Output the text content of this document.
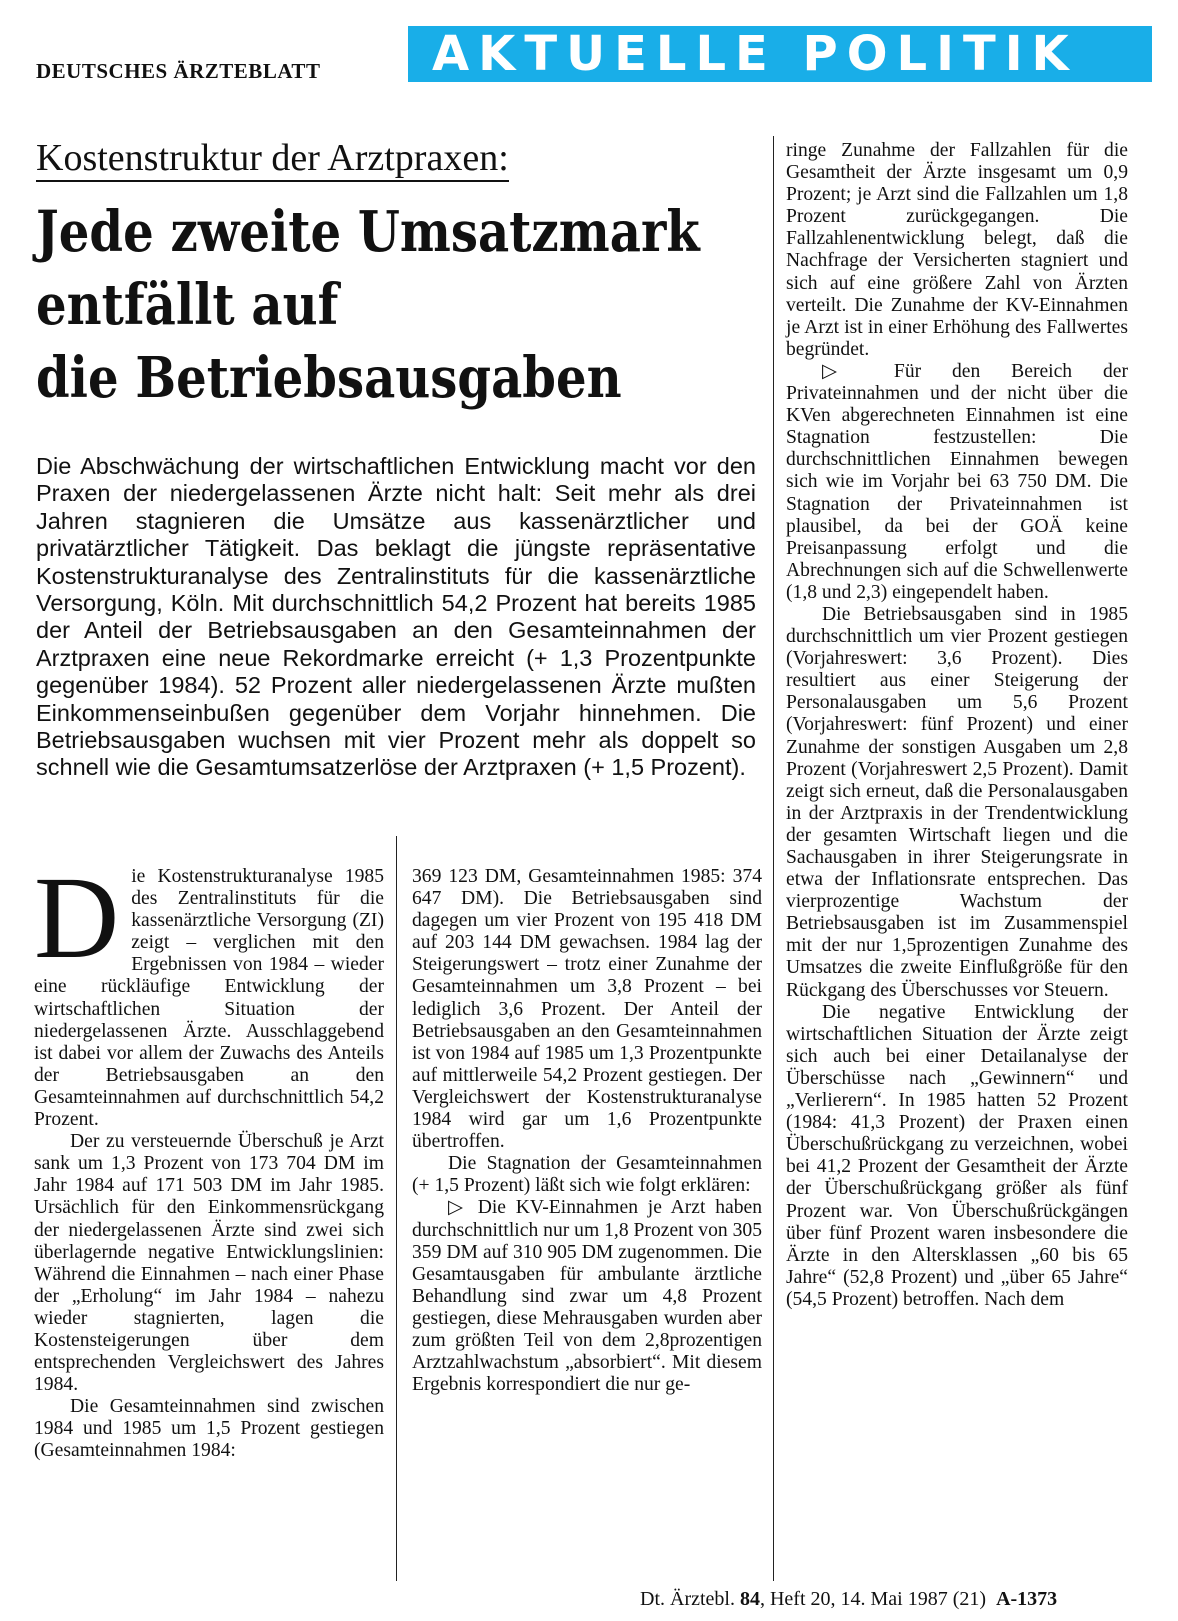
DEUTSCHES ÄRZTEBLATT AKTUELLE POLITIK
Kostenstruktur der Arztpraxen:
Jede zweite Umsatzmark
entfällt auf
die Betriebsausgaben
Die Abschwächung der wirtschaftlichen Entwicklung macht vor den Praxen der niedergelassenen Ärzte nicht halt: Seit mehr als drei Jahren stagnieren die Umsätze aus kassenärztlicher und privatärztlicher Tätigkeit. Das beklagt die jüngste repräsentative Kostenstrukturanalyse des Zentralinstituts für die kassenärztliche Versorgung, Köln. Mit durchschnittlich 54,2 Prozent hat bereits 1985 der Anteil der Betriebsausgaben an den Gesamteinnahmen der Arztpraxen eine neue Rekordmarke erreicht (+ 1,3 Prozentpunkte gegenüber 1984). 52 Prozent aller niedergelassenen Ärzte mußten Einkommenseinbußen gegenüber dem Vorjahr hinnehmen. Die Betriebsausgaben wuchsen mit vier Prozent mehr als doppelt so schnell wie die Gesamtumsatzerlöse der Arztpraxen (+ 1,5 Prozent).

Die Kostenstrukturanalyse 1985 des Zentralinstituts für die kassenärztliche Versorgung (ZI) zeigt – verglichen mit den Ergebnissen von 1984 – wieder eine rückläufige Entwicklung der wirtschaftlichen Situation der niedergelassenen Ärzte. Ausschlaggebend ist dabei vor allem der Zuwachs des Anteils der Betriebsausgaben an den Gesamteinnahmen auf durchschnittlich 54,2 Prozent.

Der zu versteuernde Überschuß je Arzt sank um 1,3 Prozent von 173 704 DM im Jahr 1984 auf 171 503 DM im Jahr 1985. Ursächlich für den Einkommensrückgang der niedergelassenen Ärzte sind zwei sich überlagernde negative Entwicklungslinien: Während die Einnahmen – nach einer Phase der „Erholung“ im Jahr 1984 – nahezu wieder stagnierten, lagen die Kostensteigerungen über dem entsprechenden Vergleichswert des Jahres 1984.

Die Gesamteinnahmen sind zwischen 1984 und 1985 um 1,5 Prozent gestiegen (Gesamteinnahmen 1984:

369 123 DM, Gesamteinnahmen 1985: 374 647 DM). Die Betriebsausgaben sind dagegen um vier Prozent von 195 418 DM auf 203 144 DM gewachsen. 1984 lag der Steigerungswert – trotz einer Zunahme der Gesamteinnahmen um 3,8 Prozent – bei lediglich 3,6 Prozent. Der Anteil der Betriebsausgaben an den Gesamteinnahmen ist von 1984 auf 1985 um 1,3 Prozentpunkte auf mittlerweile 54,2 Prozent gestiegen. Der Vergleichswert der Kostenstrukturanalyse 1984 wird gar um 1,6 Prozentpunkte übertroffen.

Die Stagnation der Gesamteinnahmen (+ 1,5 Prozent) läßt sich wie folgt erklären:

▷ Die KV-Einnahmen je Arzt haben durchschnittlich nur um 1,8 Prozent von 305 359 DM auf 310 905 DM zugenommen. Die Gesamtausgaben für ambulante ärztliche Behandlung sind zwar um 4,8 Prozent gestiegen, diese Mehrausgaben wurden aber zum größten Teil von dem 2,8prozentigen Arztzahlwachstum „absorbiert“. Mit diesem Ergebnis korrespondiert die nur ge-

ringe Zunahme der Fallzahlen für die Gesamtheit der Ärzte insgesamt um 0,9 Prozent; je Arzt sind die Fallzahlen um 1,8 Prozent zurückgegangen. Die Fallzahlenentwicklung belegt, daß die Nachfrage der Versicherten stagniert und sich auf eine größere Zahl von Ärzten verteilt. Die Zunahme der KV-Einnahmen je Arzt ist in einer Erhöhung des Fallwertes begründet.

▷ Für den Bereich der Privateinnahmen und der nicht über die KVen abgerechneten Einnahmen ist eine Stagnation festzustellen: Die durchschnittlichen Einnahmen bewegen sich wie im Vorjahr bei 63 750 DM. Die Stagnation der Privateinnahmen ist plausibel, da bei der GOÄ keine Preisanpassung erfolgt und die Abrechnungen sich auf die Schwellenwerte (1,8 und 2,3) eingependelt haben.

Die Betriebsausgaben sind in 1985 durchschnittlich um vier Prozent gestiegen (Vorjahreswert: 3,6 Prozent). Dies resultiert aus einer Steigerung der Personalausgaben um 5,6 Prozent (Vorjahreswert: fünf Prozent) und einer Zunahme der sonstigen Ausgaben um 2,8 Prozent (Vorjahreswert 2,5 Prozent). Damit zeigt sich erneut, daß die Personalausgaben in der Arztpraxis in der Trendentwicklung der gesamten Wirtschaft liegen und die Sachausgaben in ihrer Steigerungsrate in etwa der Inflationsrate entsprechen. Das vierprozentige Wachstum der Betriebsausgaben ist im Zusammenspiel mit der nur 1,5prozentigen Zunahme des Umsatzes die zweite Einflußgröße für den Rückgang des Überschusses vor Steuern.

Die negative Entwicklung der wirtschaftlichen Situation der Ärzte zeigt sich auch bei einer Detailanalyse der Überschüsse nach „Gewinnern“ und „Verlierern“. In 1985 hatten 52 Prozent (1984: 41,3 Prozent) der Praxen einen Überschußrückgang zu verzeichnen, wobei bei 41,2 Prozent der Gesamtheit der Ärzte der Überschußrückgang größer als fünf Prozent war. Von Überschußrückgängen über fünf Prozent waren insbesondere die Ärzte in den Altersklassen „60 bis 65 Jahre“ (52,8 Prozent) und „über 65 Jahre“ (54,5 Prozent) betroffen. Nach dem

Dt. Ärztebl. 84, Heft 20, 14. Mai 1987 (21) A-1373
